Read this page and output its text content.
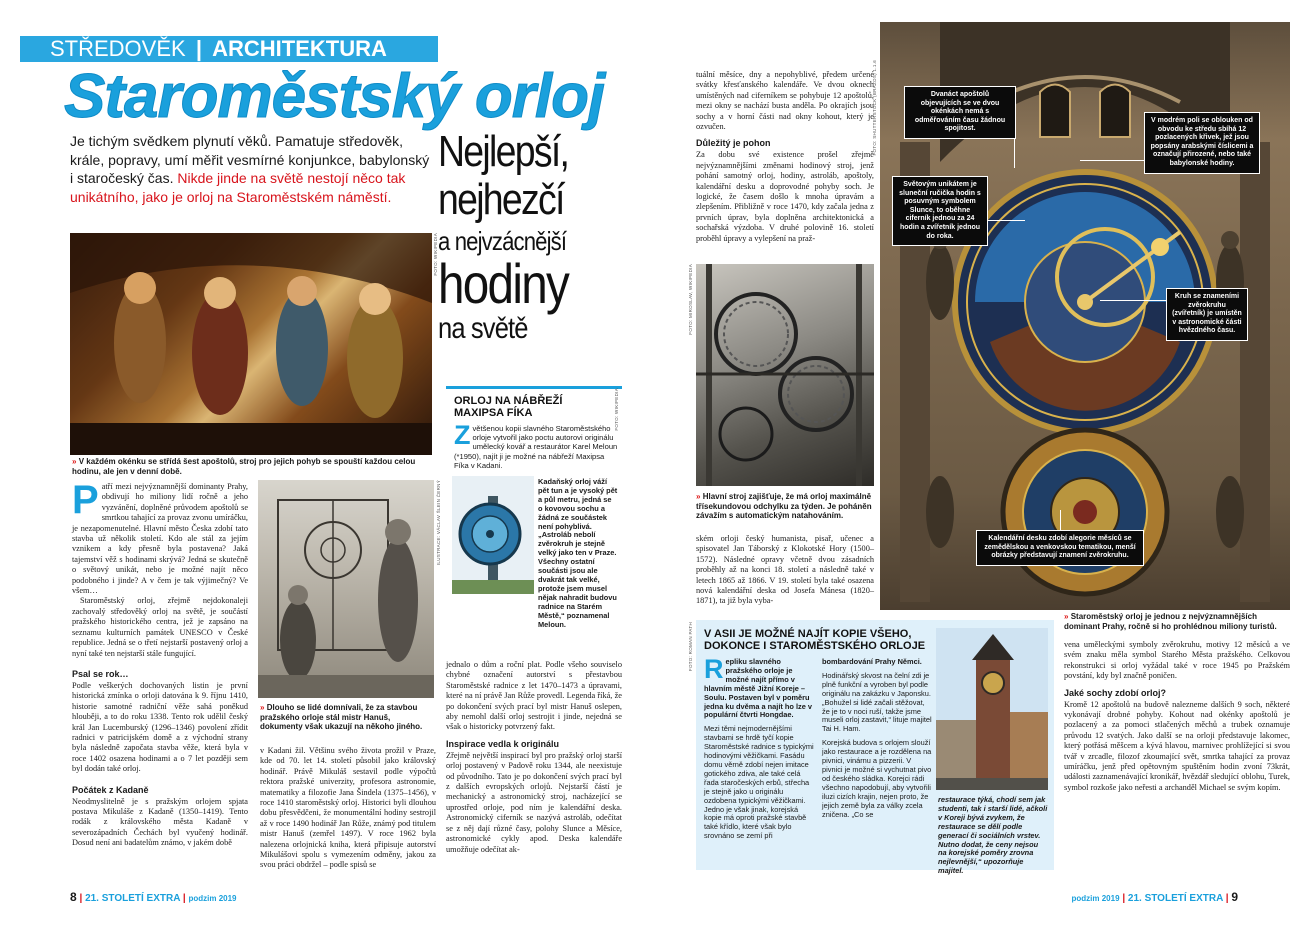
STŘEDOVĚK | ARCHITEKTURA
Staroměstský orloj
Je tichým svědkem plynutí věků. Pamatuje středověk, krále, popravy, umí měřit vesmírné konjunkce, babylonský i staročeský čas. Nikde jinde na světě nestojí něco tak unikátního, jako je orloj na Staroměstském náměstí.
Nejlepší,
nejhezčí
a nejvzácnější
hodiny
na světě
FOTO: WIKIPEDIA
» V každém okénku se střídá šest apoštolů, stroj pro jejich pohyb se spouští každou celou hodinu, ale jen v denní době.
P atří mezi nejvýznamnější dominanty Prahy, obdivují ho miliony lidí ročně a jeho vyzvánění, doplněné průvodem apoštolů se smrtkou tahající za provaz zvonu umíráčku, je nezapomenutelné. Hlavní město Česka zdobí tato stavba už několik století. Kdo ale stál za jejím vznikem a kdy přesně byla postavena? Jaká tajemství věž s hodinami skrývá? Jedná se skutečně o světový unikát, nebo je možné najít něco podobného i jinde? A v čem je tak výjimečný? Ve všem…
Staroměstský orloj, zřejmě nejdokonaleji zachovalý středověký orloj na světě, je součástí pražského historického centra, jež je zapsáno na seznamu kulturních památek UNESCO v České republice. Jedná se o třetí nejstarší postavený orloj a nyní také ten nejstarší stále fungující.
Psal se rok…
Podle veškerých dochovaných listin je první historická zmínka o orloji datována k 9. říjnu 1410, historie samotné radniční věže sahá poněkud hlouběji, a to do roku 1338. Tento rok udělil český král Jan Lucemburský (1296–1346) povolení zřídit radnici v patricijském domě a z východní strany byla následně započata stavba věže, která byla v roce 1402 osazena hodinami a o 7 let později sem byl dodán také orloj.
Počátek z Kadaně
Neodmyslitelně je s pražským orlojem spjata postava Mikuláše z Kadaně (1350–1419). Tento rodák z královského města Kadaně v severozápadních Čechách byl vyučený hodinář. Dosud není ani badatelům známo, v jakém době
ILUSTRACE: VÁCLAV ŠLEIN ČERNÝ
» Dlouho se lidé domnívali, že za stavbou pražského orloje stál mistr Hanuš, dokumenty však ukazují na někoho jiného.
v Kadani žil. Většinu svého života prožil v Praze, kde od 70. let 14. století působil jako královský hodinář. Právě Mikuláš sestavil podle výpočtů rektora pražské univerzity, profesora astronomie, matematiky a filozofie Jana Šindela (1375–1456), v roce 1410 staroměstský orloj. Historici byli dlouhou dobu přesvědčeni, že monumentální hodiny sestrojil až v roce 1490 hodinář Jan Růže, známý pod titulem mistr Hanuš (zemřel 1497). V roce 1962 byla nalezena orlojnická kniha, která připisuje autorství Mikulášovi spolu s vymezením odměny, jakou za svou práci obdržel – podle spisů se
ORLOJ NA NÁBŘEŽÍ MAXIPSA FÍKA
Z většenou kopii slavného Staroměstského orloje vytvořil jako poctu autorovi originálu umělecký kovář a restaurátor Karel Meloun (*1950), najít ji je možné na nábřeží Maxipsa Fíka v Kadani.
Kadaňský orloj váží pět tun a je vysoký pět a půl metru, jedná se o kovovou sochu a žádná ze součástek není pohyblivá. „Astroláb nebolí zvěrokruh je stejně velký jako ten v Praze. Všechny ostatní součásti jsou ale dvakrát tak velké, protože jsem musel nějak nahradit budovu radnice na Starém Městě,“ poznamenal Meloun.
FOTO: WIKIPEDIA
jednalo o dům a roční plat. Podle všeho souviselo chybné označení autorství s přestavbou Staroměstské radnice z let 1470–1473 a úpravami, které na ní právě Jan Růže provedl. Legenda říká, že po dokončení svých prací byl mistr Hanuš oslepen, aby nemohl další orloj sestrojit i jinde, nejedná se však o historicky potvrzený fakt.
Inspirace vedla k originálu
Zřejmě největší inspirací byl pro pražský orloj starší orloj postavený v Padově roku 1344, ale neexistuje od původního. Tato je po dokončení svých prací byl z dalších evropských orlojů. Nejstarší částí je mechanický a astronomický stroj, nacházející se uprostřed orloje, pod ním je kalendářní deska. Astronomický ciferník se nazývá astroláb, odečítat se z něj dají různé časy, polohy Slunce a Měsíce, astronomické cykly apod. Deska kalendáře umožňuje odečítat ak-
tuální měsíce, dny a nepohyblivé, předem určené svátky křesťanského kalendáře. Ve dvou oknech umístěných nad ciferníkem se pohybuje 12 apoštolů, mezi okny se nachází busta anděla. Po okrajích jsou sochy a v horní části nad okny kohout, který je ozvučen.
Důležitý je pohon
Za dobu své existence prošel zřejmě nejvýznamnějšími změnami hodinový stroj, jenž pohání samotný orloj, hodiny, astroláb, apoštoly, kalendářní desku a doprovodné pohyby soch. Je logické, že časem došlo k mnoha úpravám a zlepšením. Přibližně v roce 1470, kdy začala jedna z prvních úprav, byla doplněna architektonická a sochařská výzdoba. V druhé polovině 16. století proběhl úpravy a vylepšení na praž-
FOTO: MIROSLAV, WIKIPEDIA
» Hlavní stroj zajišťuje, že má orloj maximálně třísekundovou odchylku za týden. Je poháněn závažím s automatickým natahováním.
ském orloji český humanista, pisař, učenec a spisovatel Jan Táborský z Klokotské Hory (1500–1572). Následné opravy včetně dvou zásadních proběhly až na konci 18. století a následně také v letech 1865 až 1866. V 19. století byla také osazena nová kalendářní deska od Josefa Mánesa (1820–1871), ta již byla vyba-
FOTO: SHUTTERSTOCK (BRAZOS) 1.1.6	Dvanáct apoštolů objevujících se ve dvou okénkách nemá s odměřováním času žádnou spojitost.
V modrém poli se oblouken od obvodu ke středu sbíhá 12 pozlacených křivek, jež jsou popsány arabskými číslicemi a označují přirozené, nebo také babylonské hodiny.
Světovým unikátem je sluneční ručička hodin s posuvným symbolem Slunce, to oběhne ciferník jednou za 24 hodin a zvířetník jednou do roka.
Kruh se znameními zvěrokruhu (zvířetník) je umístěn v astronomické části hvězdného času.
Kalendářní desku zdobí alegorie měsíců se zemědělskou a venkovskou tematikou, menší obrázky představují znamení zvěrokruhu.
V ASII JE MOŽNÉ NAJÍT KOPIE VŠEHO, DOKONCE I STAROMĚSTSKÉHO ORLOJE
R epliku slavného pražského orloje je možné najít přímo v hlavním městě Jižní Koreje – Soulu. Postaven byl v poměru jedna ku dvěma a najít ho lze v populární čtvrti Hongdae.
Mezi těmi nejmodernějšími stavbami se hrdě tyčí kopie Staroměstské radnice s typickými hodinovými věžičkami. Fasádu domu věrně zdobí nejen imitace gotického zdiva, ale také celá řada staročeských erbů, střecha je stejně jako u originálu ozdobena typickými věžičkami. Jedno je však jinak, korejská kopie má oproti pražské stavbě také křídlo, které však bylo srovnáno se zemí při
bombardování Prahy Němci.
Hodinářský skvost na čelní zdi je plně funkční a vyroben byl podle originálu na zakázku v Japonsku. „Bohužel si lidé začali stěžovat, že je to v noci ruší, takže jsme museli orloj zastavit,“ lituje majitel Tai H. Ham.
Korejská budova s orlojem slouží jako restaurace a je rozdělena na pivnici, vinárnu a pizzerii. V pivnici je možné si vychutnat pivo od českého sládka. Korejci rádi všechno napodobují, aby vytvořili iluzi cizích krajin, nejen proto, že jejich země byla za války zcela zničena. „Co se
restaurace týká, chodí sem jak studenti, tak i starší lidé, ačkoli v Koreji bývá zvykem, že restaurace se dělí podle generací či sociálních vrstev. Nutno dodat, že ceny nejsou na korejské poměry zrovna nejlevnější,“ upozorňuje majitel.
FOTO: ROMAN PATH
» Staroměstský orloj je jednou z nejvýznamnějších dominant Prahy, ročně si ho prohlédnou miliony turistů.
vena uměleckými symboly zvěrokruhu, motivy 12 měsíců a ve svém znaku měla symbol Starého Města pražského. Celkovou rekonstrukci si orloj vyžádal také v roce 1945 po Pražském povstání, kdy byl značně poničen.
Jaké sochy zdobí orloj?
Kromě 12 apoštolů na budově nalezneme dalších 9 soch, některé vykonávají drobné pohyby. Kohout nad okénky apoštolů je pozlacený a za pomoci stlačených měchů a trubek oznamuje průvodu 12 svatých. Jako další se na orloji představuje lakomec, který potřásá měšcem a kývá hlavou, marnivec prohlížející si svou tvář v zrcadle, filozof zkoumající svět, smrtka tahající za provaz umíráčku, jenž před opětovným spuštěním hodin zvoní 73krát, události zaznamenávající kronikář, hvězdář sledující oblohu, Turek, symbol rozkoše jako neřesti a archanděl Michael se svým kopím.
8 | 21. STOLETÍ EXTRA | podzim 2019	podzim 2019 | 21. STOLETÍ EXTRA | 9
